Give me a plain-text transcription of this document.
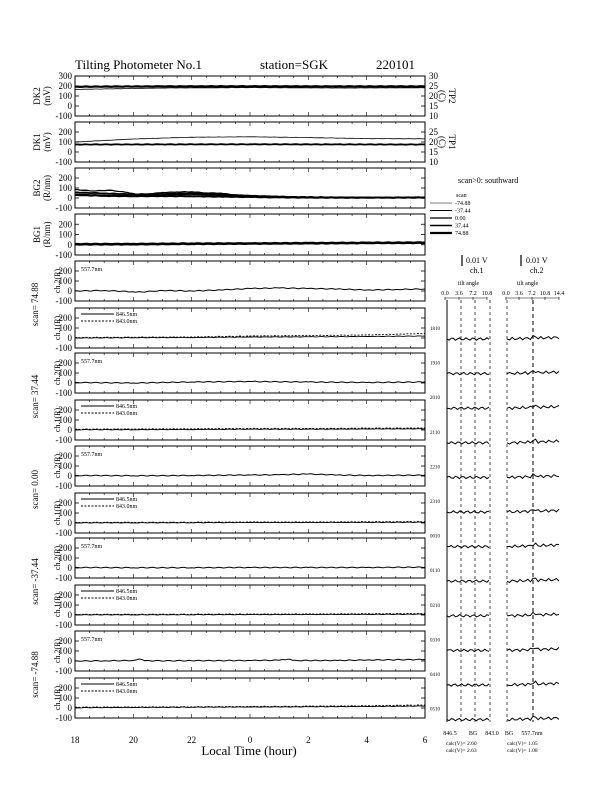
Tilting Photometer No.1	station=SGK	220101
Local Time (hour)
-100
0
100
200
300
DK2 (mV)
10
15
20
25
30
TP2
(C)
-100
0
100
200
DK1 (mV)
10
15
20
25
TP1
(C)
-100
0
100
200
BG2 (R/nm)
-100
0
100
200
BG1 (R/nm)
-100
0
100
200 557.7nm
ch.2(R)
-100
0
100
200	846.5nm
843.0nm
ch.1(R)
scan= 74.88
-100
0
100
200 557.7nm
ch.2(R)
-100
0
100
200	846.5nm
843.0nm
ch.1(R)
scan= 37.44
-100
0
100
200 557.7nm
ch.2(R)
-100
0
100
200	846.5nm
843.0nm
ch.1(R)
scan= 0.00
-100
0
100
200 557.7nm
ch.2(R)
-100
0
100
200	846.5nm
843.0nm
ch.1(R)
scan= -37.44
-100
0
100
200 557.7nm
ch.2(R)
-100
0
100
200	846.5nm
843.0nm
ch.1(R)
scan= -74.88
18	20	22	0	2	4	6
scan>0: southward
scan
0.01 V
ch.1
0.01 V
ch.2
tilt angle	tilt angle
-74.88
-37.44
0.00
37.44
74.88
0.0 3.6 7.2 10.8 0.0 3.6 7.2 10.8 14.4
1810
1910
2010
2110
2210
2310
0010
0110
0210
0310
0410
0510
846.5 BG 843.0 BG 557.7nm
calc(V)= 2.60
calc(V)= 2.63
calc(V)= 1.05
calc(V)= 1.08
